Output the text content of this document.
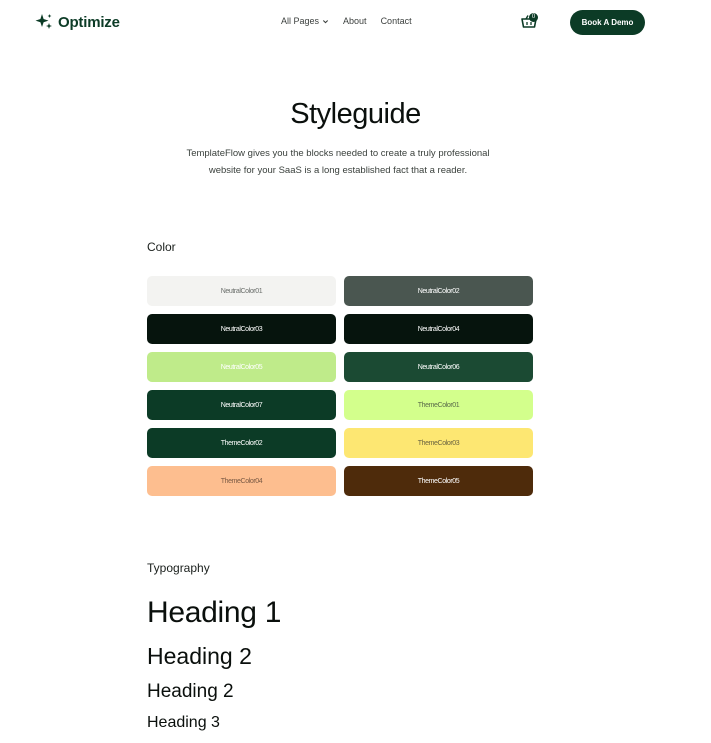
Optimize	All Pages	About Contact	0
Book A Demo
Styleguide
TemplateFlow gives you the blocks needed to create a truly professional website for your SaaS is a long established fact that a reader.
Color
NeutralColor01	NeutralColor02
NeutralColor03	NeutralColor04
NeutralColor05	NeutralColor06
NeutralColor07	ThemeColor01
ThemeColor02	ThemeColor03
ThemeColor04	ThemeColor05
Typography
Heading 1
Heading 2
Heading 2
Heading 3
